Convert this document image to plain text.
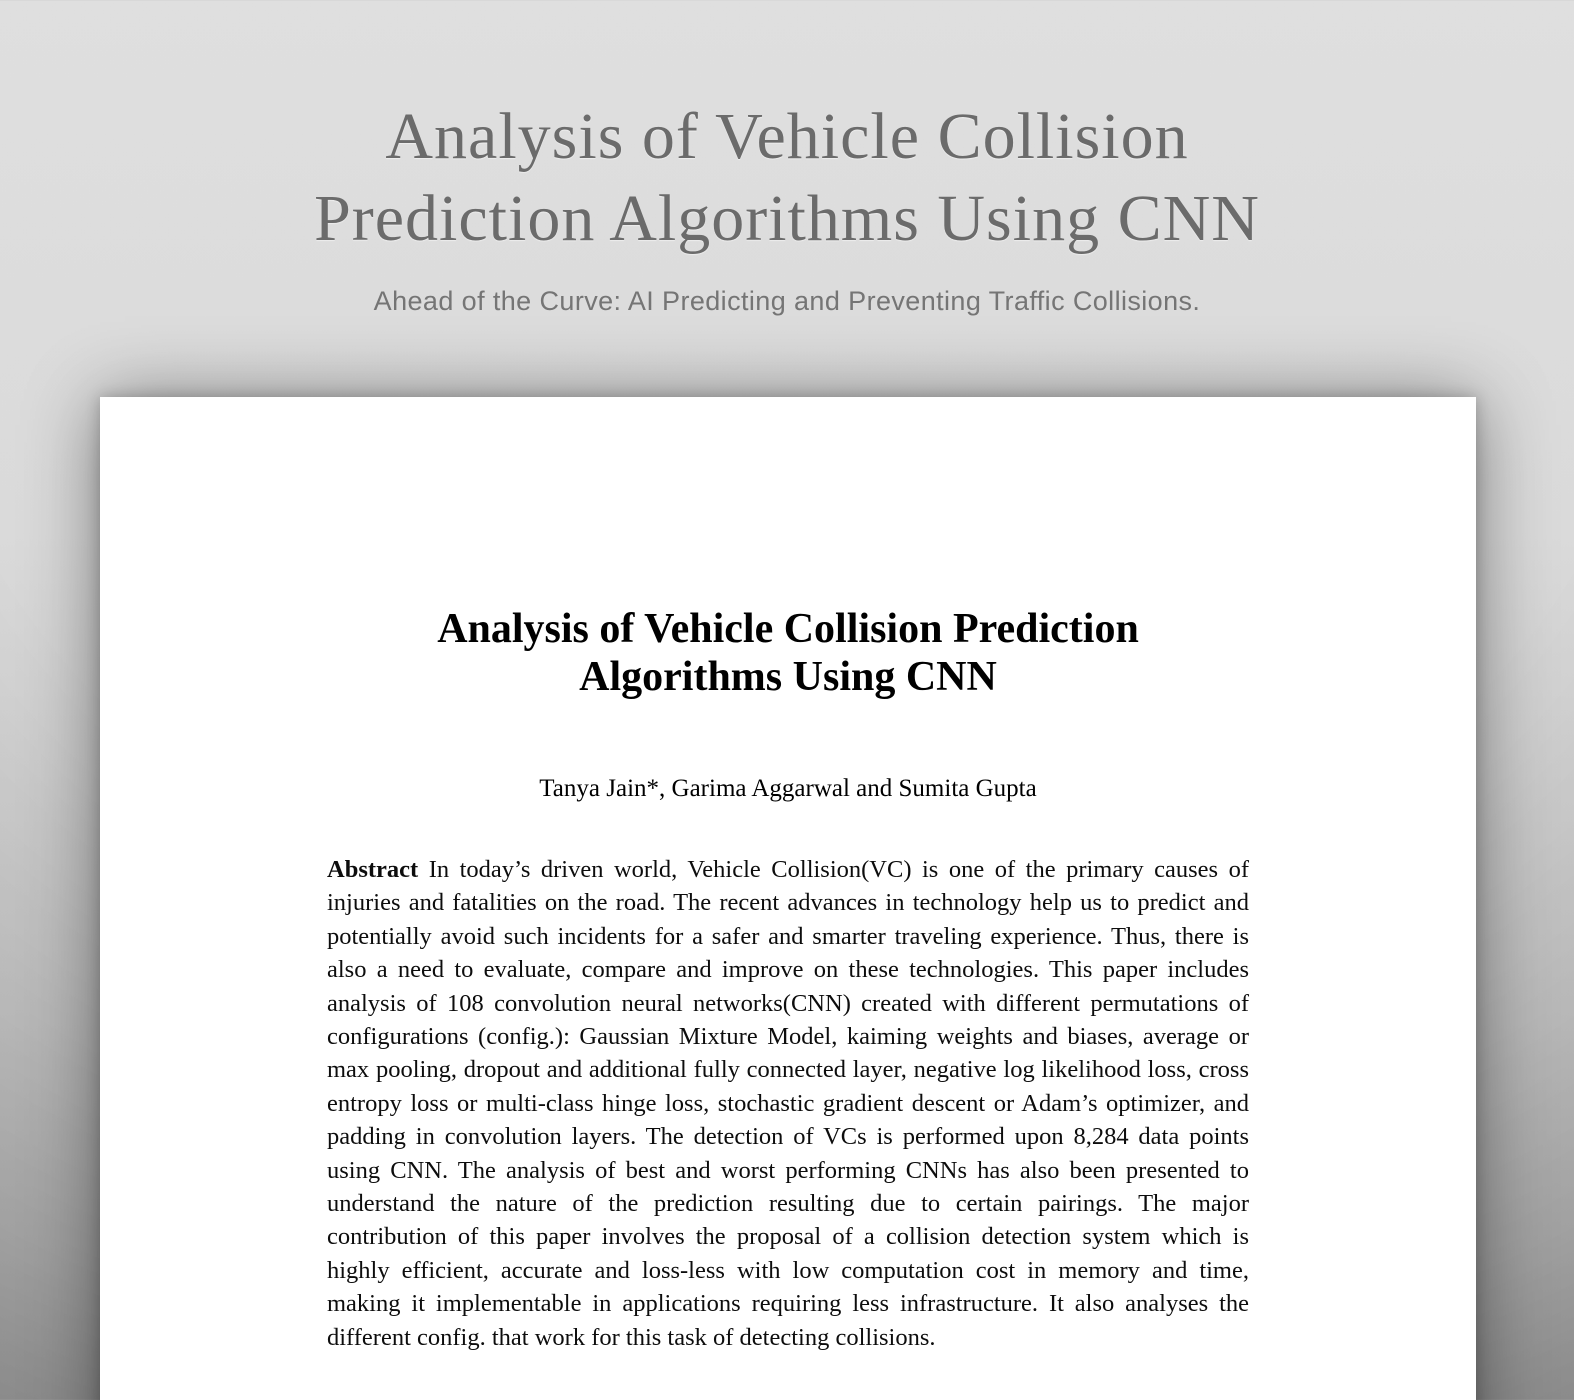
Analysis of Vehicle Collision
Prediction Algorithms Using CNN
Ahead of the Curve: AI Predicting and Preventing Traffic Collisions.
Analysis of Vehicle Collision Prediction
Algorithms Using CNN
Tanya Jain*, Garima Aggarwal and Sumita Gupta

Abstract In today’s driven world, Vehicle Collision(VC) is one of the primary causes of injuries and fatalities on the road. The recent advances in technology help us to predict and potentially avoid such incidents for a safer and smarter traveling experience. Thus, there is also a need to evaluate, compare and improve on these technologies. This paper includes analysis of 108 convolution neural networks(CNN) created with different permutations of configurations (config.): Gaussian Mixture Model, kaiming weights and biases, average or max pooling, dropout and additional fully connected layer, negative log likelihood loss, cross entropy loss or multi-class hinge loss, stochastic gradient descent or Adam’s optimizer, and padding in convolution layers. The detection of VCs is performed upon 8,284 data points using CNN. The analysis of best and worst performing CNNs has also been presented to understand the nature of the prediction resulting due to certain pairings. The major contribution of this paper involves the proposal of a collision detection system which is highly efficient, accurate and loss-less with low computation cost in memory and time, making it implementable in applications requiring less infrastructure. It also analyses the different config. that work for this task of detecting collisions.
